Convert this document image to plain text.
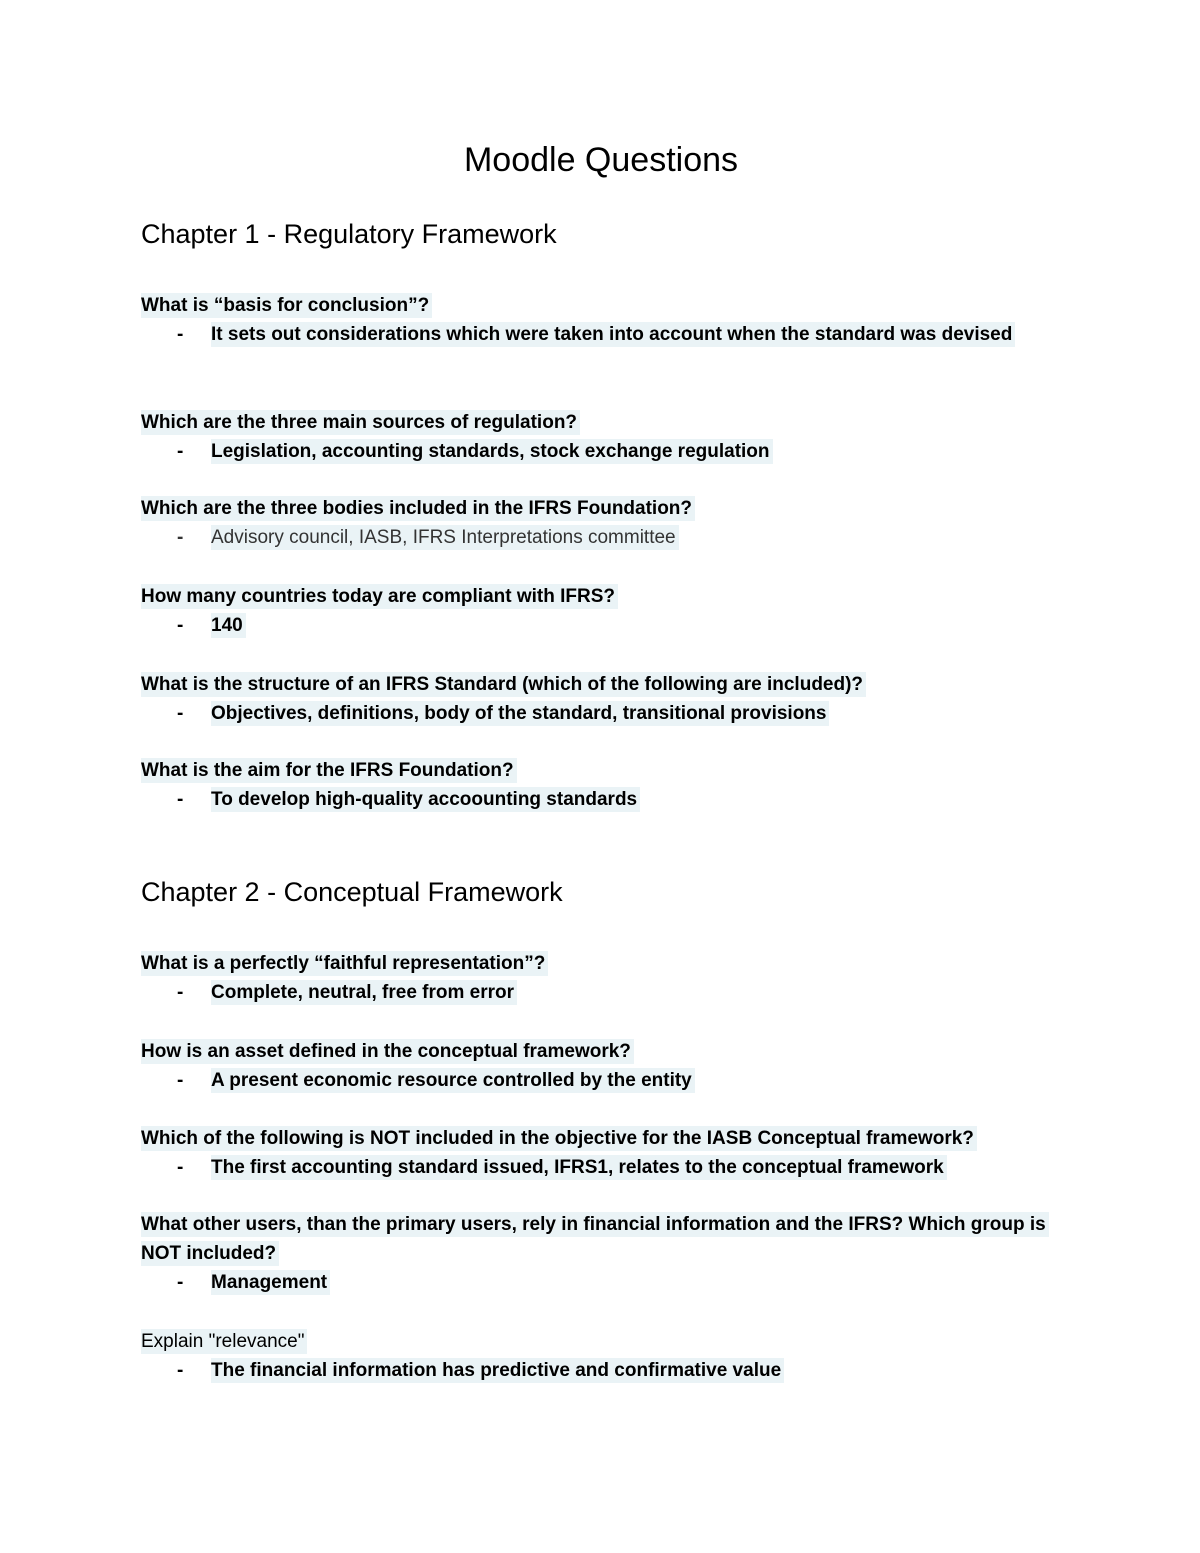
Moodle Questions
Chapter 1 - Regulatory Framework

What is “basis for conclusion”?

- It sets out considerations which were taken into account when the standard was devised

Which are the three main sources of regulation?

- Legislation, accounting standards, stock exchange regulation

Which are the three bodies included in the IFRS Foundation?

- Advisory council, IASB, IFRS Interpretations committee

How many countries today are compliant with IFRS?

- 140

What is the structure of an IFRS Standard (which of the following are included)?

- Objectives, definitions, body of the standard, transitional provisions

What is the aim for the IFRS Foundation?

- To develop high-quality accoounting standards

Chapter 2 - Conceptual Framework

What is a perfectly “faithful representation”?

- Complete, neutral, free from error

How is an asset defined in the conceptual framework?

- A present economic resource controlled by the entity

Which of the following is NOT included in the objective for the IASB Conceptual framework?

- The first accounting standard issued, IFRS1, relates to the conceptual framework

What other users, than the primary users, rely in financial information and the IFRS? Which group is NOT included?

- Management

Explain "relevance"

- The financial information has predictive and confirmative value
